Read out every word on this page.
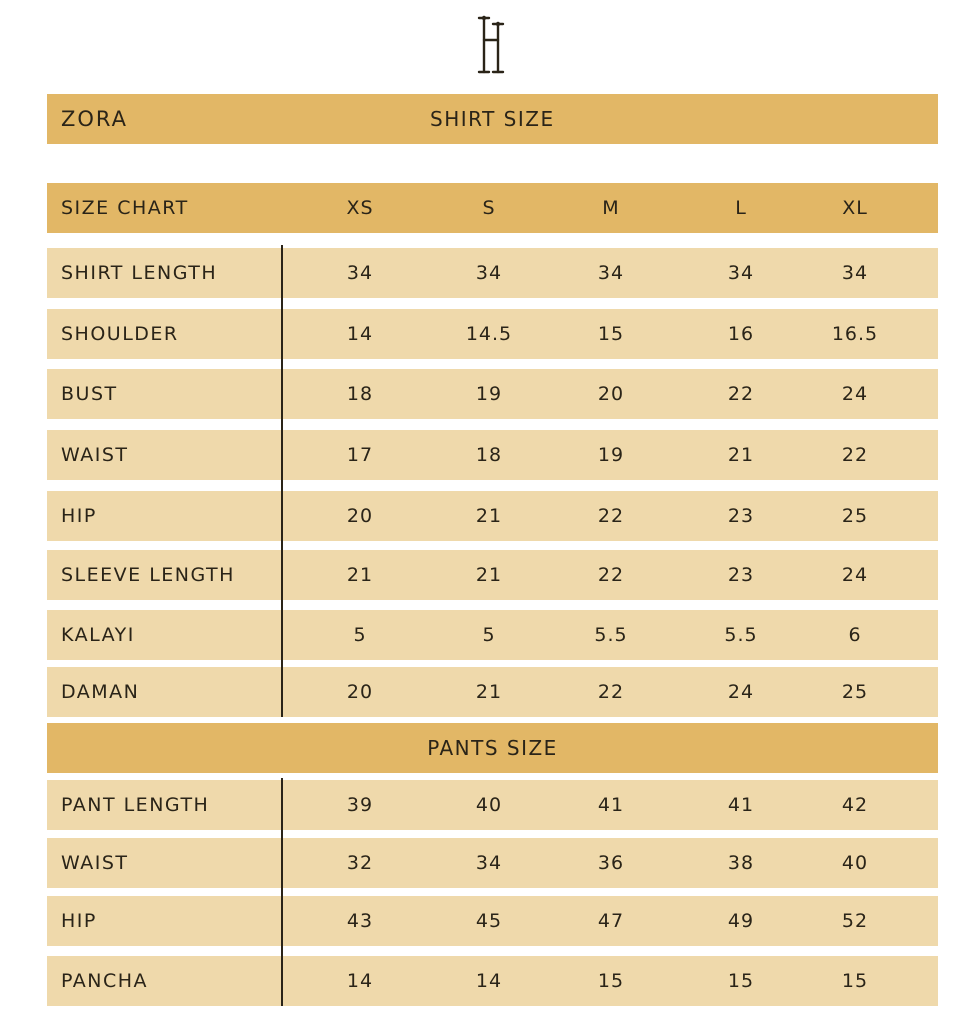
ZORA	SHIRT SIZE
SIZE CHART	XS	S	M	L	XL
SHIRT LENGTH	34	34	34	34	34
SHOULDER	14	14.5	15	16	16.5
BUST	18	19	20	22	24
WAIST	17	18	19	21	22
HIP	20	21	22	23	25
SLEEVE LENGTH	21	21	22	23	24
KALAYI	5	5	5.5	5.5	6
DAMAN	20	21	22	24	25
PANTS SIZE
PANT LENGTH	39	40	41	41	42
WAIST	32	34	36	38	40
HIP	43	45	47	49	52
PANCHA	14	14	15	15	15
